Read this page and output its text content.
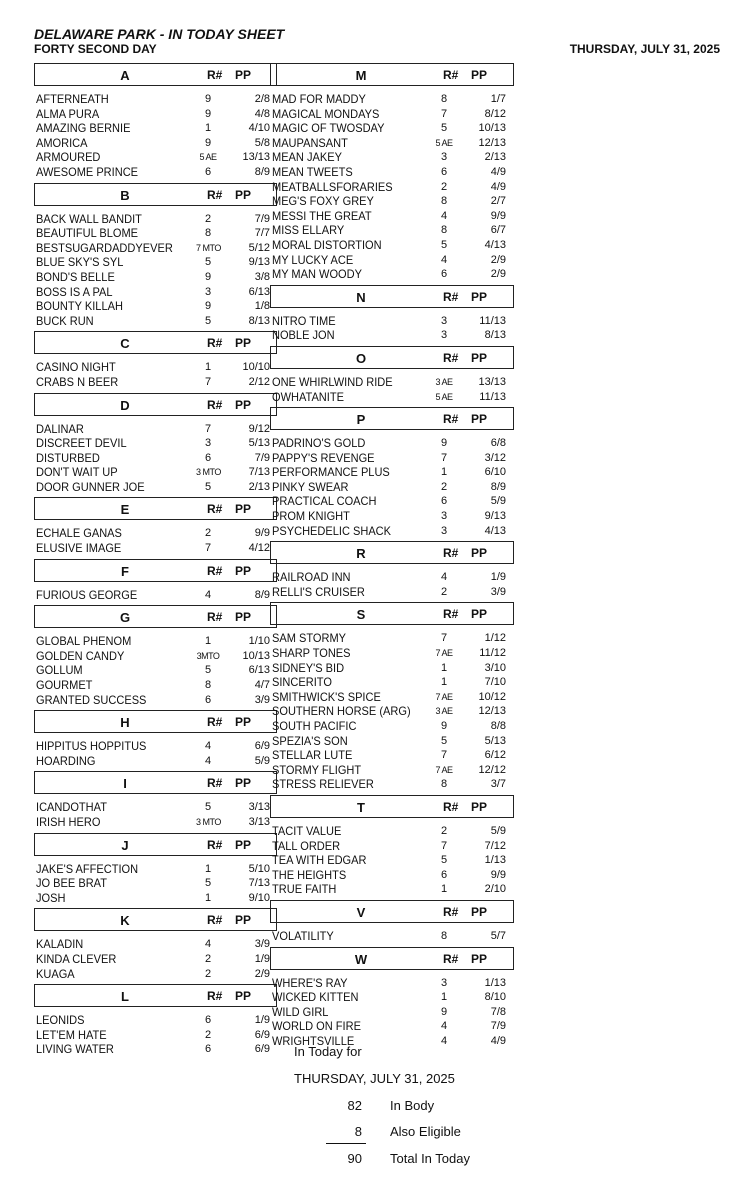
DELAWARE PARK - IN TODAY SHEET
FORTY SECOND DAY	THURSDAY, JULY 31, 2025
A	R# PP
AFTERNEATH	9	2/8
ALMA PURA	9	4/8
AMAZING BERNIE	1	4/10
AMORICA	9	5/8
ARMOURED	5 AE	13/13
AWESOME PRINCE	6	8/9
B	R# PP
BACK WALL BANDIT	2	7/9
BEAUTIFUL BLOME	8	7/7
BESTSUGARDADDYEVER	7 MTO	5/12
BLUE SKY'S SYL	5	9/13
BOND'S BELLE	9	3/8
BOSS IS A PAL	3	6/13
BOUNTY KILLAH	9	1/8
BUCK RUN	5	8/13
C	R# PP
CASINO NIGHT	1	10/10
CRABS N BEER	7	2/12
D	R# PP
DALINAR	7	9/12
DISCREET DEVIL	3	5/13
DISTURBED	6	7/9
DON'T WAIT UP	3 MTO	7/13
DOOR GUNNER JOE	5	2/13
E	R# PP
ECHALE GANAS	2	9/9
ELUSIVE IMAGE	7	4/12
F	R# PP
FURIOUS GEORGE	4	8/9
G	R# PP
GLOBAL PHENOM	1	1/10
GOLDEN CANDY	3MTO	10/13
GOLLUM	5	6/13
GOURMET	8	4/7
GRANTED SUCCESS	6	3/9
H	R# PP
HIPPITUS HOPPITUS	4	6/9
HOARDING	4	5/9
I	R# PP
ICANDOTHAT	5	3/13
IRISH HERO	3 MTO	3/13
J	R# PP
JAKE'S AFFECTION	1	5/10
JO BEE BRAT	5	7/13
JOSH	1	9/10
K	R# PP
KALADIN	4	3/9
KINDA CLEVER	2	1/9
KUAGA	2	2/9
L	R# PP
LEONIDS	6	1/9
LET'EM HATE	2	6/9
LIVING WATER	6	6/9
M	R# PP
MAD FOR MADDY	8	1/7
MAGICAL MONDAYS	7	8/12
MAGIC OF TWOSDAY	5	10/13
MAUPANSANT	5 AE	12/13
MEAN JAKEY	3	2/13
MEAN TWEETS	6	4/9
MEATBALLSFORARIES	2	4/9
MEG'S FOXY GREY	8	2/7
MESSI THE GREAT	4	9/9
MISS ELLARY	8	6/7
MORAL DISTORTION	5	4/13
MY LUCKY ACE	4	2/9
MY MAN WOODY	6	2/9
N	R# PP
NITRO TIME	3	11/13
NOBLE JON	3	8/13
O	R# PP
ONE WHIRLWIND RIDE	3 AE	13/13
OWHATANITE	5 AE	11/13
P	R# PP
PADRINO'S GOLD	9	6/8
PAPPY'S REVENGE	7	3/12
PERFORMANCE PLUS	1	6/10
PINKY SWEAR	2	8/9
PRACTICAL COACH	6	5/9
PROM KNIGHT	3	9/13
PSYCHEDELIC SHACK	3	4/13
R	R# PP
RAILROAD INN	4	1/9
RELLI'S CRUISER	2	3/9
S	R# PP
SAM STORMY	7	1/12
SHARP TONES	7 AE	11/12
SIDNEY'S BID	1	3/10
SINCERITO	1	7/10
SMITHWICK'S SPICE	7 AE	10/12
SOUTHERN HORSE (ARG)	3 AE	12/13
SOUTH PACIFIC	9	8/8
SPEZIA'S SON	5	5/13
STELLAR LUTE	7	6/12
STORMY FLIGHT	7 AE	12/12
STRESS RELIEVER	8	3/7
T	R# PP
TACIT VALUE	2	5/9
TALL ORDER	7	7/12
TEA WITH EDGAR	5	1/13
THE HEIGHTS	6	9/9
TRUE FAITH	1	2/10
V	R# PP
VOLATILITY	8	5/7
W	R# PP
WHERE'S RAY	3	1/13
WICKED KITTEN	1	8/10
WILD GIRL	9	7/8
WORLD ON FIRE	4	7/9
WRIGHTSVILLE	4	4/9
In Today for
THURSDAY, JULY 31, 2025
82 In Body
8 Also Eligible
90 Total In Today
